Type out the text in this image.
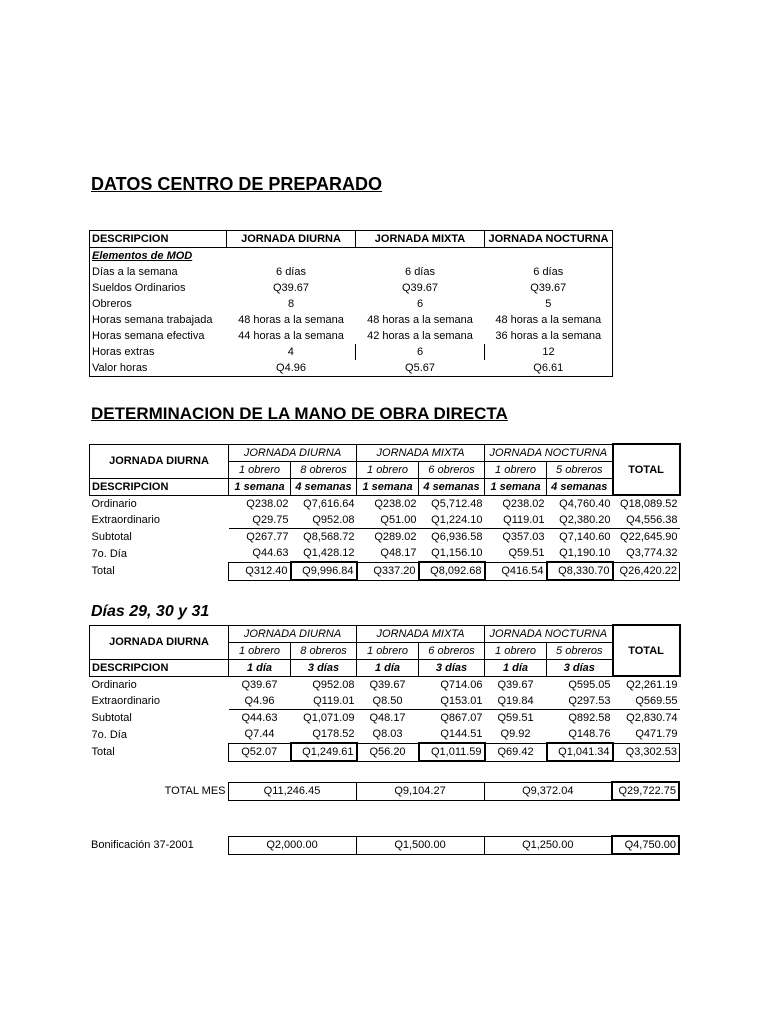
DATOS CENTRO DE PREPARADO
DESCRIPCION	JORNADA DIURNA	JORNADA MIXTA	JORNADA NOCTURNA
Elementos de MOD			
Días a la semana	6 días	6 días	6 días
Sueldos Ordinarios	Q39.67	Q39.67	Q39.67
Obreros	8	6	5
Horas semana trabajada	48 horas a la semana	48 horas a la semana	48 horas a la semana
Horas semana efectiva	44 horas a la semana	42 horas a la semana	36 horas a la semana
Horas extras	4	6	12
Valor horas	Q4.96	Q5.67	Q6.61
DETERMINACION DE LA MANO DE OBRA DIRECTA
JORNADA DIURNA	JORNADA DIURNA		JORNADA MIXTA		JORNADA NOCTURNA		TOTAL
	1 obrero	8 obreros	1 obrero	6 obreros	1 obrero	5 obreros	
DESCRIPCION	1 semana	4 semanas	1 semana	4 semanas	1 semana	4 semanas	
Ordinario	Q238.02	Q7,616.64	Q238.02	Q5,712.48	Q238.02	Q4,760.40	Q18,089.52
Extraordinario	Q29.75	Q952.08	Q51.00	Q1,224.10	Q119.01	Q2,380.20	Q4,556.38
Subtotal	Q267.77	Q8,568.72	Q289.02	Q6,936.58	Q357.03	Q7,140.60	Q22,645.90
7o. Día	Q44.63	Q1,428.12	Q48.17	Q1,156.10	Q59.51	Q1,190.10	Q3,774.32
Total	Q312.40	Q9,996.84	Q337.20	Q8,092.68	Q416.54	Q8,330.70	Q26,420.22
Días 29, 30 y 31
JORNADA DIURNA	JORNADA DIURNA		JORNADA MIXTA		JORNADA NOCTURNA		TOTAL
	1 obrero	8 obreros	1 obrero	6 obreros	1 obrero	5 obreros	
DESCRIPCION	1 día	3 días	1 día	3 días	1 día	3 días	
Ordinario	Q39.67	Q952.08	Q39.67	Q714.06	Q39.67	Q595.05	Q2,261.19
Extraordinario	Q4.96	Q119.01	Q8.50	Q153.01	Q19.84	Q297.53	Q569.55
Subtotal	Q44.63	Q1,071.09	Q48.17	Q867.07	Q59.51	Q892.58	Q2,830.74
7o. Día	Q7.44	Q178.52	Q8.03	Q144.51	Q9.92	Q148.76	Q471.79
Total	Q52.07	Q1,249.61	Q56.20	Q1,011.59	Q69.42	Q1,041.34	Q3,302.53
TOTAL MES	Q11,246.45	Q9,104.27	Q9,372.04	Q29,722.75
Bonificación 37-2001	Q2,000.00	Q1,500.00	Q1,250.00	Q4,750.00
